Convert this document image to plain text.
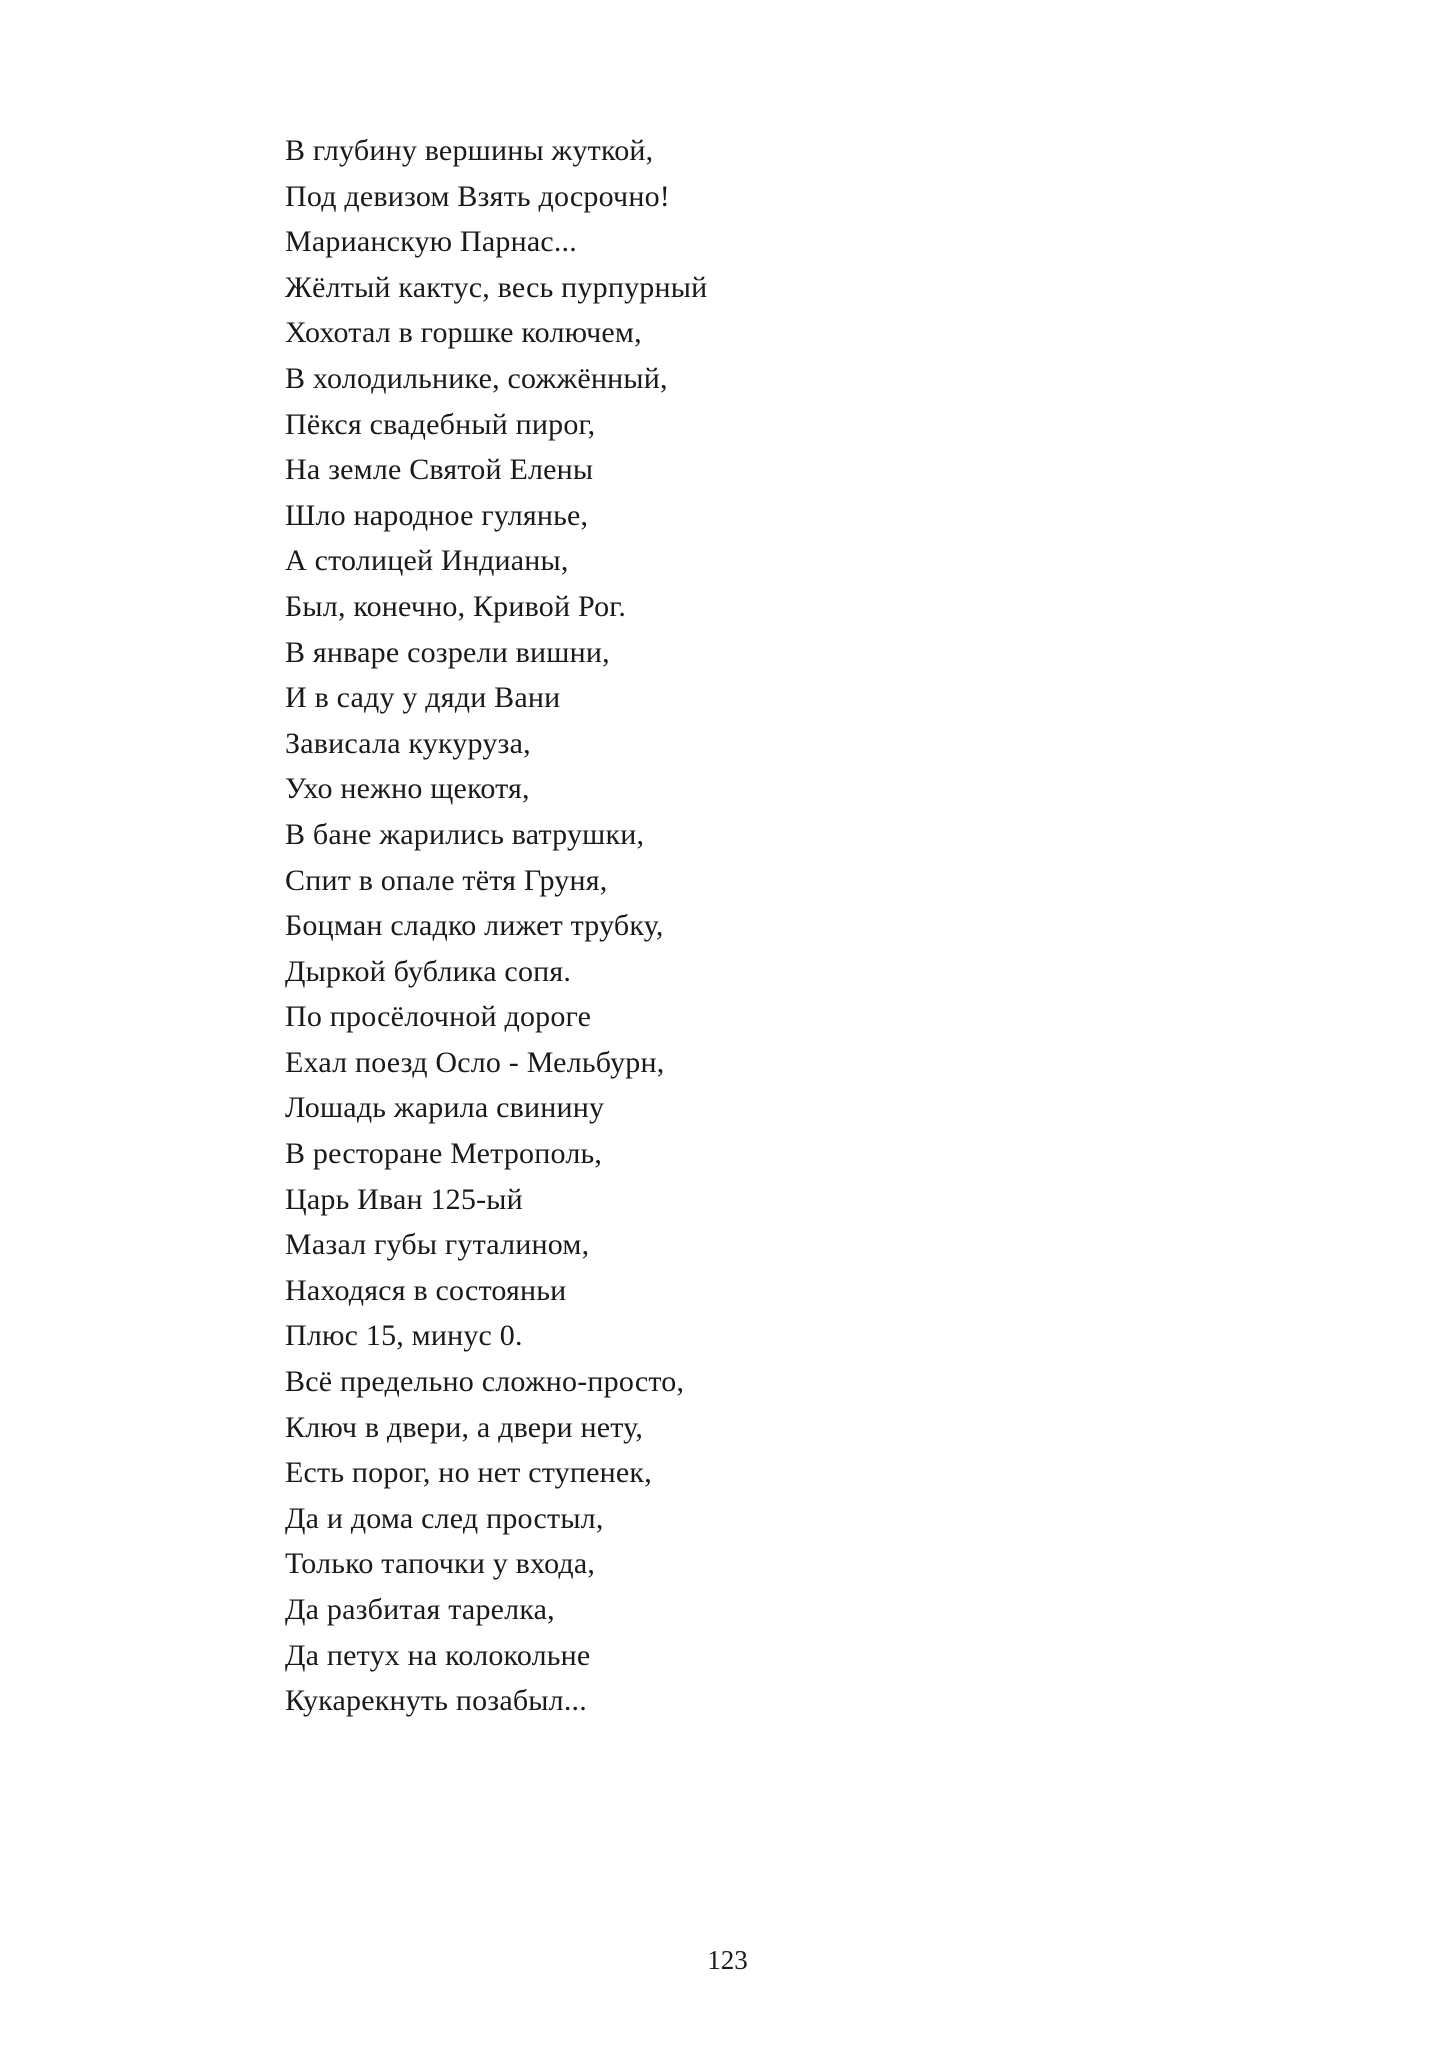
В глубину вершины жуткой,
Под девизом Взять досрочно!
Марианскую Парнас...
Жёлтый кактус, весь пурпурный
Хохотал в горшке колючем,
В холодильнике, сожжённый,
Пёкся свадебный пирог,
На земле Святой Елены
Шло народное гулянье,
А столицей Индианы,
Был, конечно, Кривой Рог.
В январе созрели вишни,
И в саду у дяди Вани
Зависала кукуруза,
Ухо нежно щекотя,
В бане жарились ватрушки,
Спит в опале тётя Груня,
Боцман сладко лижет трубку,
Дыркой бублика сопя.
По просёлочной дороге
Ехал поезд Осло - Мельбурн,
Лошадь жарила свинину
В ресторане Метрополь,
Царь Иван 125-ый
Мазал губы гуталином,
Находяся в состояньи
Плюс 15, минус 0.
Всё предельно сложно-просто,
Ключ в двери, а двери нету,
Есть порог, но нет ступенек,
Да и дома след простыл,
Только тапочки у входа,
Да разбитая тарелка,
Да петух на колокольне
Кукарекнуть позабыл...
123
